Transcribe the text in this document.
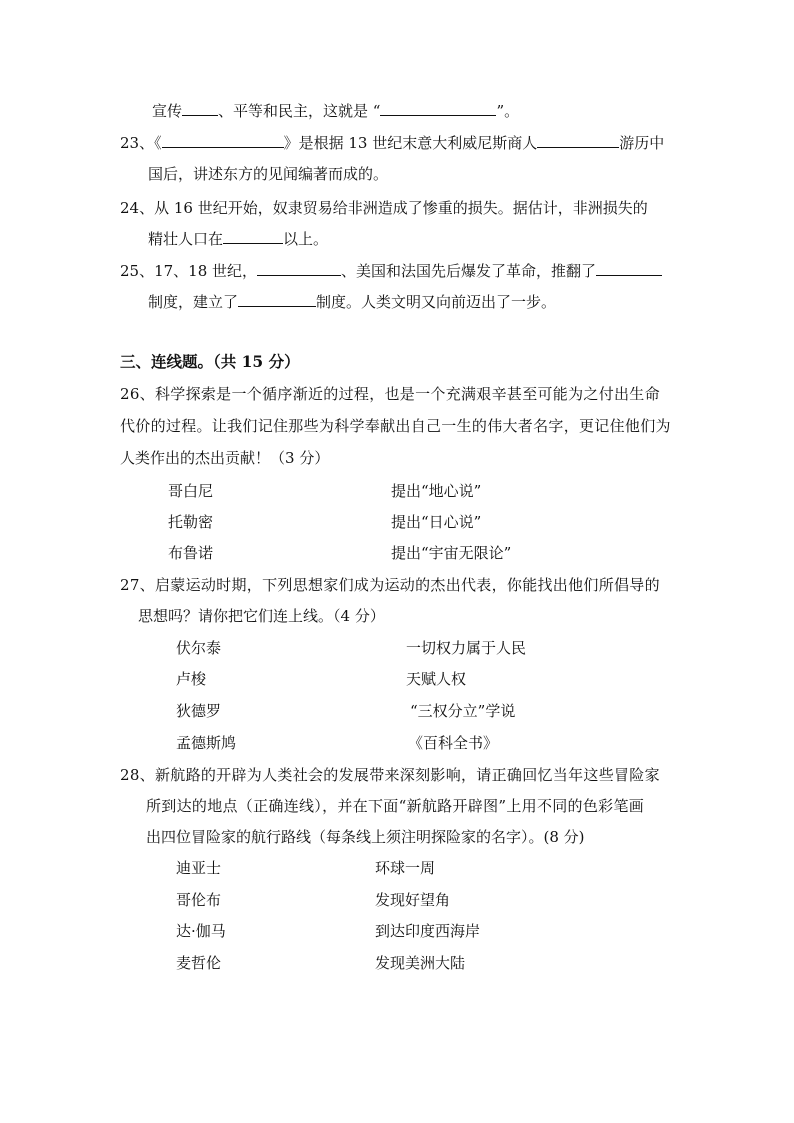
宣传 、平等和民主，这就是 “	”。
23、《	》是根据 13 世纪末意大利威尼斯商人	游历中
国后，讲述东方的见闻编著而成的。
24、从 16 世纪开始，奴隶贸易给非洲造成了惨重的损失。据估计，非洲损失的
精壮人口在	以上。
25、17、18 世纪，	、美国和法国先后爆发了革命，推翻了
制度，建立了	制度。人类文明又向前迈出了一步。
三、连线题。（共 15 分）
26、科学探索是一个循序渐近的过程，也是一个充满艰辛甚至可能为之付出生命
代价的过程。让我们记住那些为科学奉献出自己一生的伟大者名字，更记住他们为
人类作出的杰出贡献！（3 分）
哥白尼	提出“地心说”
托勒密	提出“日心说”
布鲁诺	提出“宇宙无限论”
27、启蒙运动时期，下列思想家们成为运动的杰出代表，你能找出他们所倡导的
思想吗？请你把它们连上线。（4 分）
伏尔泰	一切权力属于人民
卢梭	天赋人权
狄德罗	“三权分立”学说
孟德斯鸠	《百科全书》
28、新航路的开辟为人类社会的发展带来深刻影响，请正确回忆当年这些冒险家
所到达的地点（正确连线），并在下面“新航路开辟图”上用不同的色彩笔画
出四位冒险家的航行路线（每条线上须注明探险家的名字）。(8 分)
迪亚士	环球一周
哥伦布	发现好望角
达·伽马	到达印度西海岸
麦哲伦	发现美洲大陆
